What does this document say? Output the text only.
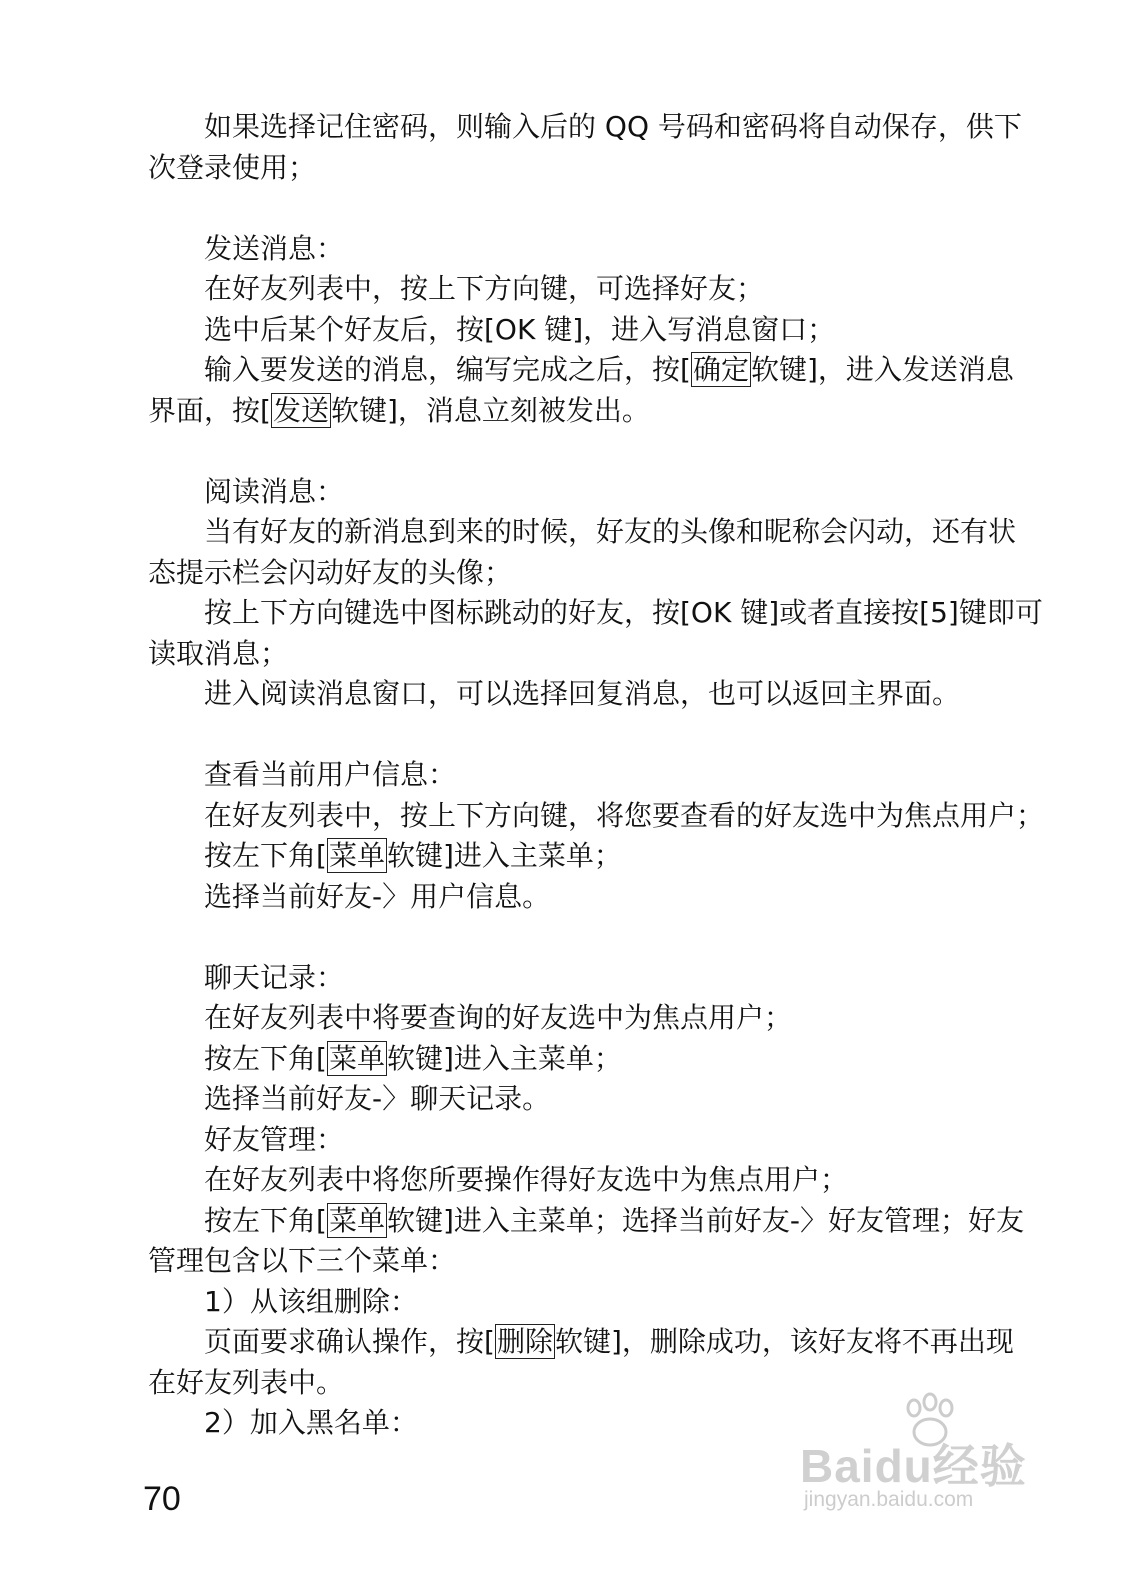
如果选择记住密码，则输入后的 QQ 号码和密码将自动保存，供下
次登录使用；
发送消息：
在好友列表中，按上下方向键，可选择好友；
选中后某个好友后，按[OK 键]，进入写消息窗口；
输入要发送的消息，编写完成之后，按[确定软键]，进入发送消息
界面，按[发送软键]，消息立刻被发出。
阅读消息：
当有好友的新消息到来的时候，好友的头像和昵称会闪动，还有状
态提示栏会闪动好友的头像；
按上下方向键选中图标跳动的好友，按[OK 键]或者直接按[5]键即可
读取消息；
进入阅读消息窗口，可以选择回复消息，也可以返回主界面。
查看当前用户信息：
在好友列表中，按上下方向键，将您要查看的好友选中为焦点用户；
按左下角[菜单软键]进入主菜单；
选择当前好友-〉用户信息。
聊天记录：
在好友列表中将要查询的好友选中为焦点用户；
按左下角[菜单软键]进入主菜单；
选择当前好友-〉聊天记录。
好友管理：
在好友列表中将您所要操作得好友选中为焦点用户；
按左下角[菜单软键]进入主菜单；选择当前好友-〉好友管理；好友
管理包含以下三个菜单：
1）从该组删除：
页面要求确认操作，按[删除软键]，删除成功，该好友将不再出现
在好友列表中。
2）加入黑名单：
70
Baidu经验
jingyan.baidu.com
